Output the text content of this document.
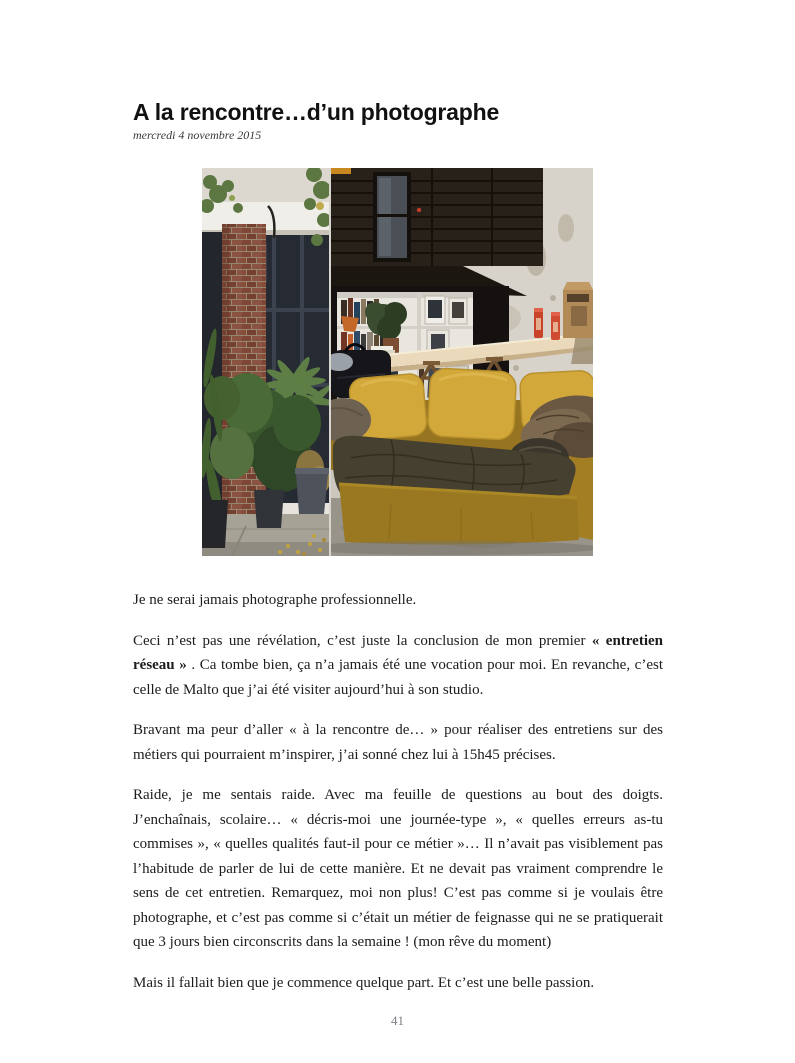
A la rencontre…d’un photographe
mercredi 4 novembre 2015

Je ne serai jamais photographe professionnelle.

Ceci n’est pas une révélation, c’est juste la conclusion de mon premier « entretien réseau » . Ca tombe bien, ça n’a jamais été une vocation pour moi. En revanche, c’est celle de Malto que j’ai été visiter aujourd’hui à son studio.

Bravant ma peur d’aller « à la rencontre de… » pour réaliser des entretiens sur des métiers qui pourraient m’inspirer, j’ai sonné chez lui à 15h45 précises.

Raide, je me sentais raide. Avec ma feuille de questions au bout des doigts. J’enchaînais, scolaire… « décris-moi une journée-type », « quelles erreurs as-tu commises », « quelles qualités faut-il pour ce métier »… Il n’avait pas visiblement pas l’habitude de parler de lui de cette manière. Et ne devait pas vraiment comprendre le sens de cet entretien. Remarquez, moi non plus! C’est pas comme si je voulais être photographe, et c’est pas comme si c’était un métier de feignasse qui ne se pratiquerait que 3 jours bien circonscrits dans la semaine ! (mon rêve du moment)

Mais il fallait bien que je commence quelque part. Et c’est une belle passion.

41
